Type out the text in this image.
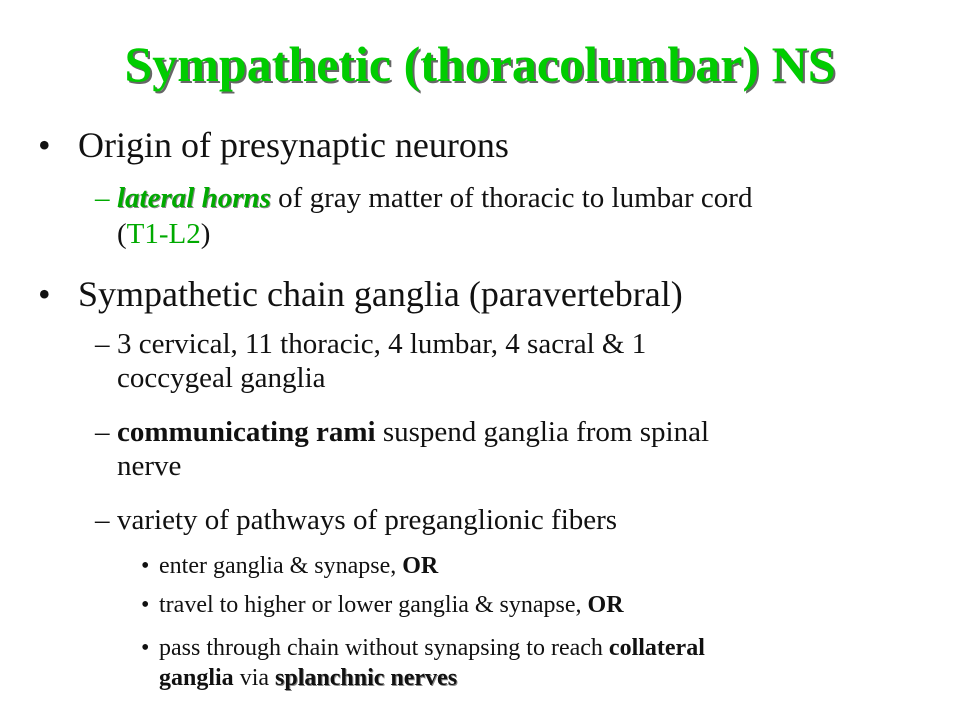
Sympathetic (thoracolumbar) NS
• Origin of presynaptic neurons
– lateral horns of gray matter of thoracic to lumbar cord
(T1-L2)
• Sympathetic chain ganglia (paravertebral)
– 3 cervical, 11 thoracic, 4 lumbar, 4 sacral & 1
coccygeal ganglia
– communicating rami suspend ganglia from spinal
nerve
– variety of pathways of preganglionic fibers
• enter ganglia & synapse, OR
• travel to higher or lower ganglia & synapse, OR
• pass through chain without synapsing to reach collateral
ganglia via splanchnic nerves
